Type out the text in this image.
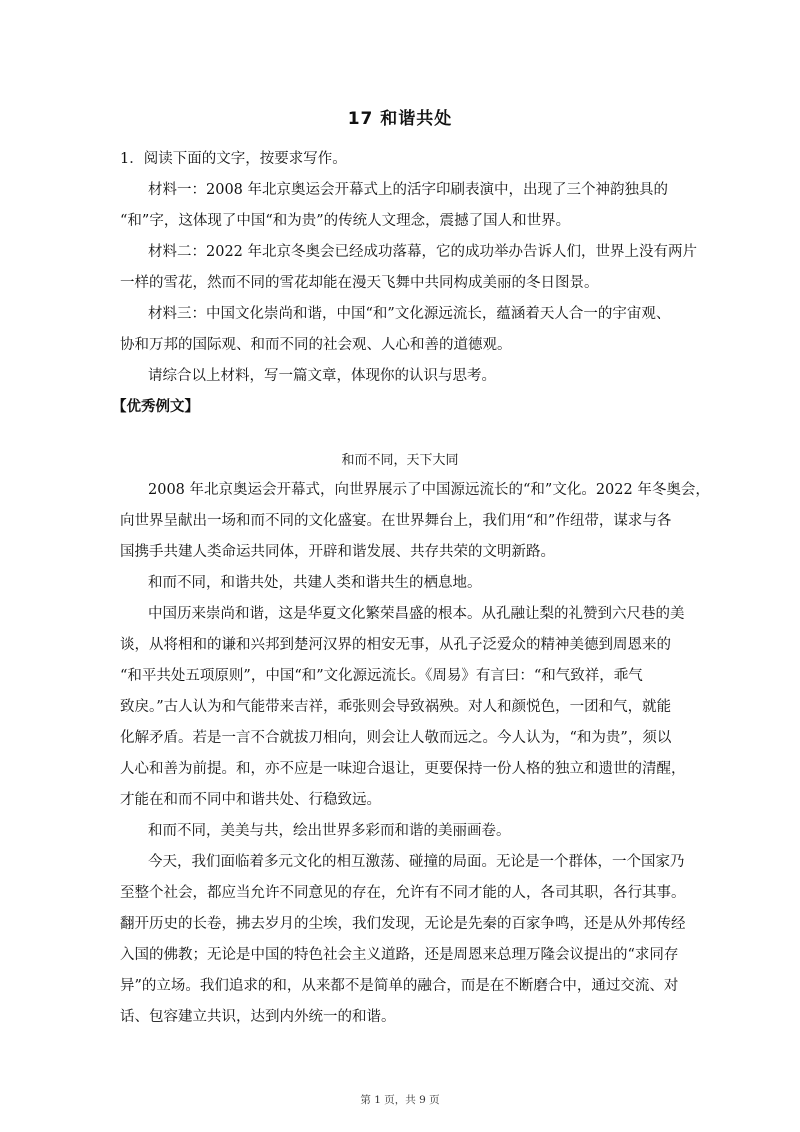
17 和谐共处
1．阅读下面的文字，按要求写作。
材料一：2008 年北京奥运会开幕式上的活字印刷表演中，出现了三个神韵独具的
“和”字，这体现了中国“和为贵”的传统人文理念，震撼了国人和世界。
材料二：2022 年北京冬奥会已经成功落幕，它的成功举办告诉人们，世界上没有两片
一样的雪花，然而不同的雪花却能在漫天飞舞中共同构成美丽的冬日图景。
材料三：中国文化崇尚和谐，中国“和”文化源远流长，蕴涵着天人合一的宇宙观、
协和万邦的国际观、和而不同的社会观、人心和善的道德观。
请综合以上材料，写一篇文章，体现你的认识与思考。
【优秀例文】
和而不同，天下大同
2008 年北京奥运会开幕式，向世界展示了中国源远流长的“和”文化。2022 年冬奥会，
向世界呈献出一场和而不同的文化盛宴。在世界舞台上，我们用“和”作纽带，谋求与各
国携手共建人类命运共同体，开辟和谐发展、共存共荣的文明新路。
和而不同，和谐共处，共建人类和谐共生的栖息地。
中国历来崇尚和谐，这是华夏文化繁荣昌盛的根本。从孔融让梨的礼赞到六尺巷的美
谈，从将相和的谦和兴邦到楚河汉界的相安无事，从孔子泛爱众的精神美德到周恩来的
“和平共处五项原则”，中国“和”文化源远流长。《周易》有言曰：“和气致祥，乖气
致戾。”古人认为和气能带来吉祥，乖张则会导致祸殃。对人和颜悦色，一团和气，就能
化解矛盾。若是一言不合就拔刀相向，则会让人敬而远之。今人认为，“和为贵”，须以
人心和善为前提。和，亦不应是一味迎合退让，更要保持一份人格的独立和遗世的清醒，
才能在和而不同中和谐共处、行稳致远。
和而不同，美美与共，绘出世界多彩而和谐的美丽画卷。
今天，我们面临着多元文化的相互激荡、碰撞的局面。无论是一个群体，一个国家乃
至整个社会，都应当允许不同意见的存在，允许有不同才能的人，各司其职，各行其事。
翻开历史的长卷，拂去岁月的尘埃，我们发现，无论是先秦的百家争鸣，还是从外邦传经
入国的佛教；无论是中国的特色社会主义道路，还是周恩来总理万隆会议提出的“求同存
异”的立场。我们追求的和，从来都不是简单的融合，而是在不断磨合中，通过交流、对
话、包容建立共识，达到内外统一的和谐。
第 1 页，共 9 页
